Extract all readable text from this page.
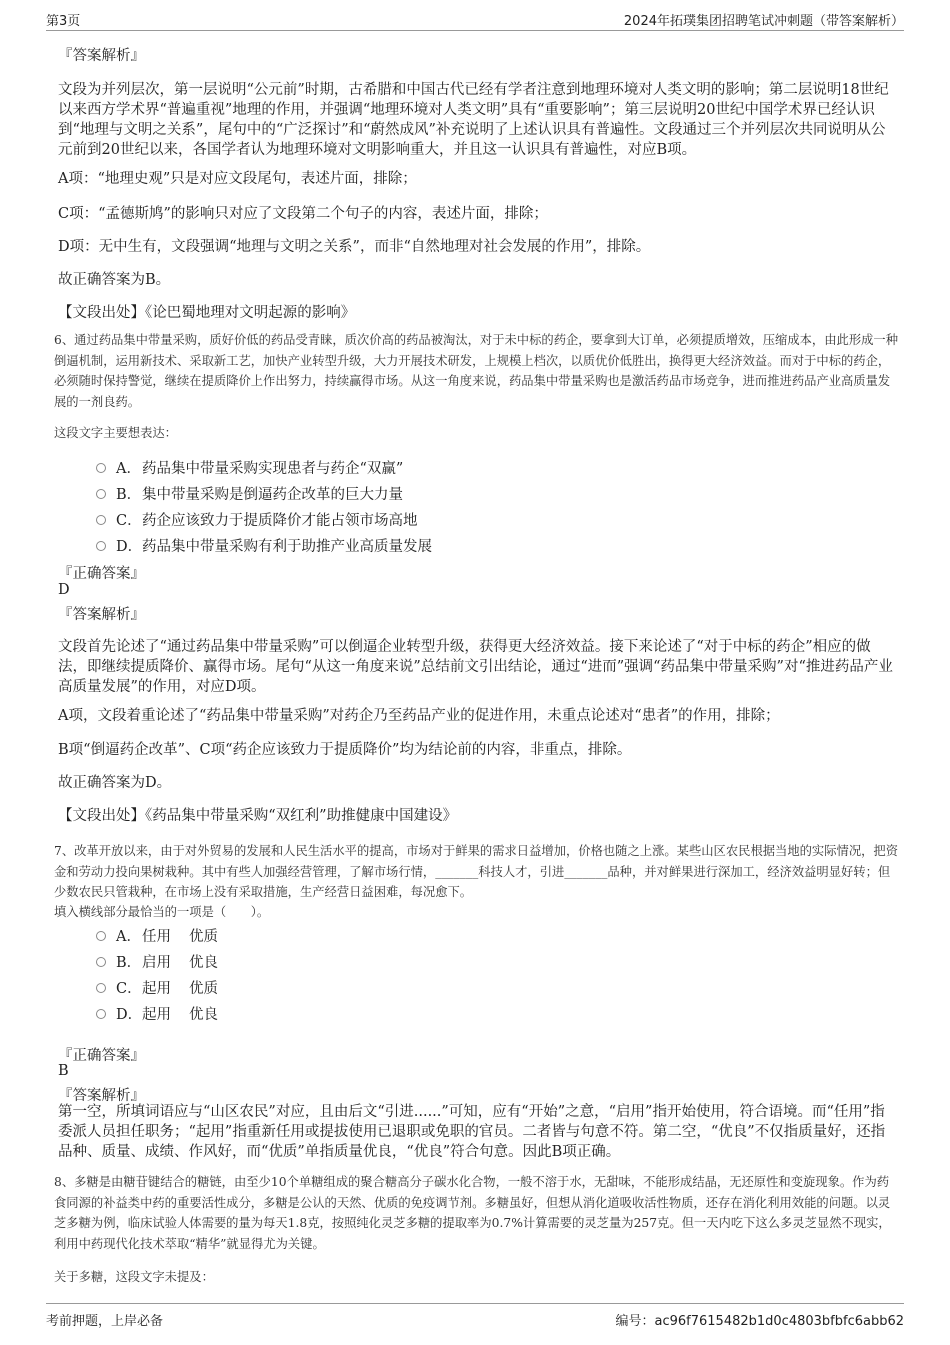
第3页	2024年拓璞集团招聘笔试冲刺题（带答案解析）

『答案解析』

文段为并列层次，第一层说明“公元前”时期，古希腊和中国古代已经有学者注意到地理环境对人类文明的影响；第二层说明18世纪以来西方学术界“普遍重视”地理的作用，并强调“地理环境对人类文明”具有“重要影响”；第三层说明20世纪中国学术界已经认识到“地理与文明之关系”，尾句中的“广泛探讨”和“蔚然成风”补充说明了上述认识具有普遍性。文段通过三个并列层次共同说明从公元前到20世纪以来，各国学者认为地理环境对文明影响重大，并且这一认识具有普遍性，对应B项。

A项：“地理史观”只是对应文段尾句，表述片面，排除；

C项：“孟德斯鸠”的影响只对应了文段第二个句子的内容，表述片面，排除；

D项：无中生有，文段强调“地理与文明之关系”，而非“自然地理对社会发展的作用”，排除。

故正确答案为B。

【文段出处】《论巴蜀地理对文明起源的影响》

6、通过药品集中带量采购，质好价低的药品受青睐，质次价高的药品被淘汰，对于未中标的药企，要拿到大订单，必须提质增效，压缩成本，由此形成一种倒逼机制，运用新技术、采取新工艺，加快产业转型升级，大力开展技术研发，上规模上档次，以质优价低胜出，换得更大经济效益。而对于中标的药企，必须随时保持警觉，继续在提质降价上作出努力，持续赢得市场。从这一角度来说，药品集中带量采购也是激活药品市场竞争，进而推进药品产业高质量发展的一剂良药。

这段文字主要想表达：

A．药品集中带量采购实现患者与药企“双赢”
B．集中带量采购是倒逼药企改革的巨大力量
C．药企应该致力于提质降价才能占领市场高地
D．药品集中带量采购有利于助推产业高质量发展

『正确答案』

D

『答案解析』

文段首先论述了“通过药品集中带量采购”可以倒逼企业转型升级，获得更大经济效益。接下来论述了“对于中标的药企”相应的做法，即继续提质降价、赢得市场。尾句“从这一角度来说”总结前文引出结论，通过“进而”强调“药品集中带量采购”对“推进药品产业高质量发展”的作用，对应D项。

A项，文段着重论述了“药品集中带量采购”对药企乃至药品产业的促进作用，未重点论述对“患者”的作用，排除；

B项“倒逼药企改革”、C项“药企应该致力于提质降价”均为结论前的内容，非重点，排除。

故正确答案为D。

【文段出处】《药品集中带量采购“双红利”助推健康中国建设》

7、改革开放以来，由于对外贸易的发展和人民生活水平的提高，市场对于鲜果的需求日益增加，价格也随之上涨。某些山区农民根据当地的实际情况，把资金和劳动力投向果树栽种。其中有些人加强经营管理，了解市场行情，_______科技人才，引进_______品种，并对鲜果进行深加工，经济效益明显好转；但少数农民只管栽种，在市场上没有采取措施，生产经营日益困难，每况愈下。

填入横线部分最恰当的一项是（　　）。

A．任用 优质
B．启用 优良
C．起用 优质
D．起用 优良

『正确答案』

B

『答案解析』

第一空，所填词语应与“山区农民”对应，且由后文“引进......”可知，应有“开始”之意，“启用”指开始使用，符合语境。而“任用”指委派人员担任职务；“起用”指重新任用或提拔使用已退职或免职的官员。二者皆与句意不符。第二空，“优良”不仅指质量好，还指品种、质量、成绩、作风好，而“优质”单指质量优良，“优良”符合句意。因此B项正确。

8、多糖是由糖苷键结合的糖链，由至少10个单糖组成的聚合糖高分子碳水化合物，一般不溶于水，无甜味，不能形成结晶，无还原性和变旋现象。作为药食同源的补益类中药的重要活性成分，多糖是公认的天然、优质的免疫调节剂。多糖虽好，但想从消化道吸收活性物质，还存在消化利用效能的问题。以灵芝多糖为例，临床试验人体需要的量为每天1.8克，按照纯化灵芝多糖的提取率为0.7%计算需要的灵芝量为257克。但一天内吃下这么多灵芝显然不现实，利用中药现代化技术萃取“精华”就显得尤为关键。

关于多糖，这段文字未提及：

考前押题，上岸必备	编号：ac96f7615482b1d0c4803bfbfc6abb62
